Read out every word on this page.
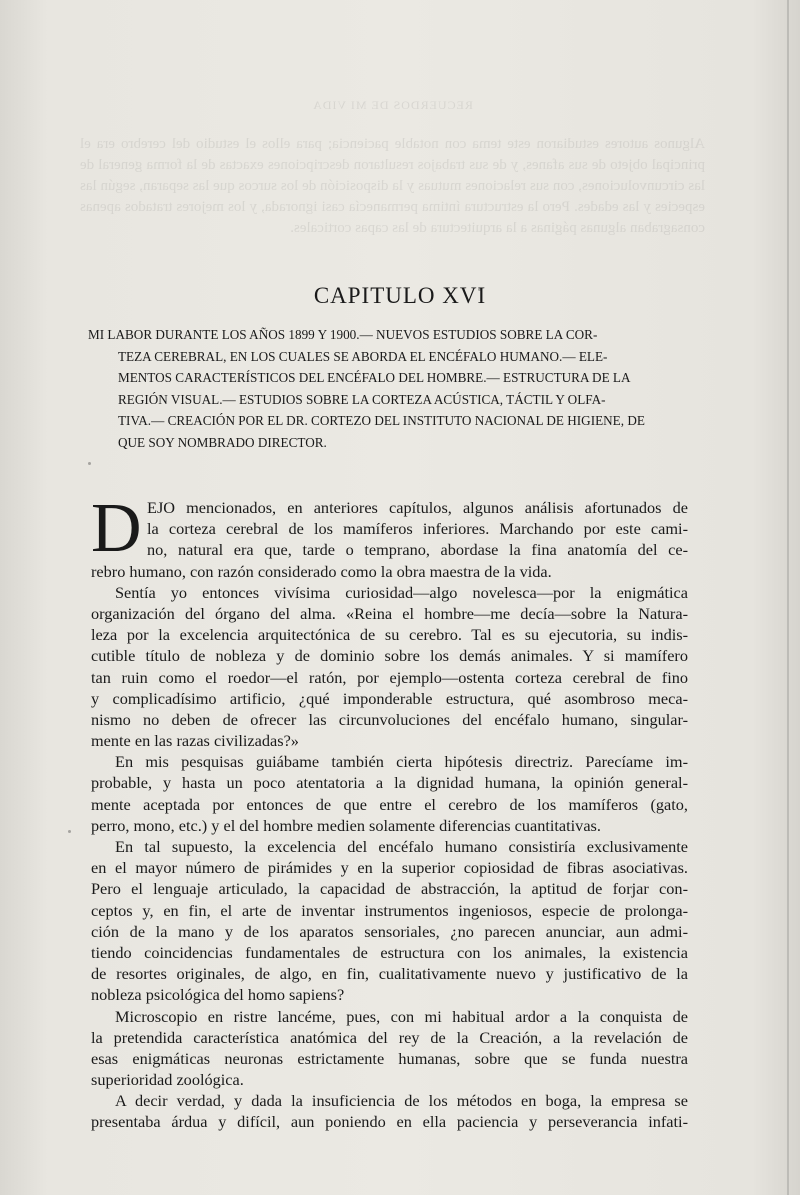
RECUERDOS DE MI VIDA
Algunos autores estudiaron este tema con notable paciencia; para ellos el estudio del cerebro era el principal objeto de sus afanes, y de sus trabajos resultaron descripciones exactas de la forma general de las circunvoluciones, con sus relaciones mutuas y la disposición de los surcos que las separan, según las especies y las edades. Pero la estructura íntima permanecía casi ignorada, y los mejores tratados apenas consagraban algunas páginas a la arquitectura de las capas corticales.
CAPITULO XVI
MI LABOR DURANTE LOS AÑOS 1899 Y 1900.— NUEVOS ESTUDIOS SOBRE LA COR-
TEZA CEREBRAL, EN LOS CUALES SE ABORDA EL ENCÉFALO HUMANO.— ELE-
MENTOS CARACTERÍSTICOS DEL ENCÉFALO DEL HOMBRE.— ESTRUCTURA DE LA
REGIÓN VISUAL.— ESTUDIOS SOBRE LA CORTEZA ACÚSTICA, TÁCTIL Y OLFA-
TIVA.— CREACIÓN POR EL DR. CORTEZO DEL INSTITUTO NACIONAL DE HIGIENE, DE
QUE SOY NOMBRADO DIRECTOR.
D EJO mencionados, en anteriores capítulos, algunos análisis afortunados de
la corteza cerebral de los mamíferos inferiores. Marchando por este cami-
no, natural era que, tarde o temprano, abordase la fina anatomía del ce-
rebro humano, con razón considerado como la obra maestra de la vida.
Sentía yo entonces vivísima curiosidad—algo novelesca—por la enigmática
organización del órgano del alma. «Reina el hombre—me decía—sobre la Natura-
leza por la excelencia arquitectónica de su cerebro. Tal es su ejecutoria, su indis-
cutible título de nobleza y de dominio sobre los demás animales. Y si mamífero
tan ruin como el roedor—el ratón, por ejemplo—ostenta corteza cerebral de fino
y complicadísimo artificio, ¿qué imponderable estructura, qué asombroso meca-
nismo no deben de ofrecer las circunvoluciones del encéfalo humano, singular-
mente en las razas civilizadas?»
En mis pesquisas guiábame también cierta hipótesis directriz. Parecíame im-
probable, y hasta un poco atentatoria a la dignidad humana, la opinión general-
mente aceptada por entonces de que entre el cerebro de los mamíferos (gato,
perro, mono, etc.) y el del hombre medien solamente diferencias cuantitativas.
En tal supuesto, la excelencia del encéfalo humano consistiría exclusivamente
en el mayor número de pirámides y en la superior copiosidad de fibras asociativas.
Pero el lenguaje articulado, la capacidad de abstracción, la aptitud de forjar con-
ceptos y, en fin, el arte de inventar instrumentos ingeniosos, especie de prolonga-
ción de la mano y de los aparatos sensoriales, ¿no parecen anunciar, aun admi-
tiendo coincidencias fundamentales de estructura con los animales, la existencia
de resortes originales, de algo, en fin, cualitativamente nuevo y justificativo de la
nobleza psicológica del homo sapiens?
Microscopio en ristre lancéme, pues, con mi habitual ardor a la conquista de
la pretendida característica anatómica del rey de la Creación, a la revelación de
esas enigmáticas neuronas estrictamente humanas, sobre que se funda nuestra
superioridad zoológica.
A decir verdad, y dada la insuficiencia de los métodos en boga, la empresa se
presentaba árdua y difícil, aun poniendo en ella paciencia y perseverancia infati-
